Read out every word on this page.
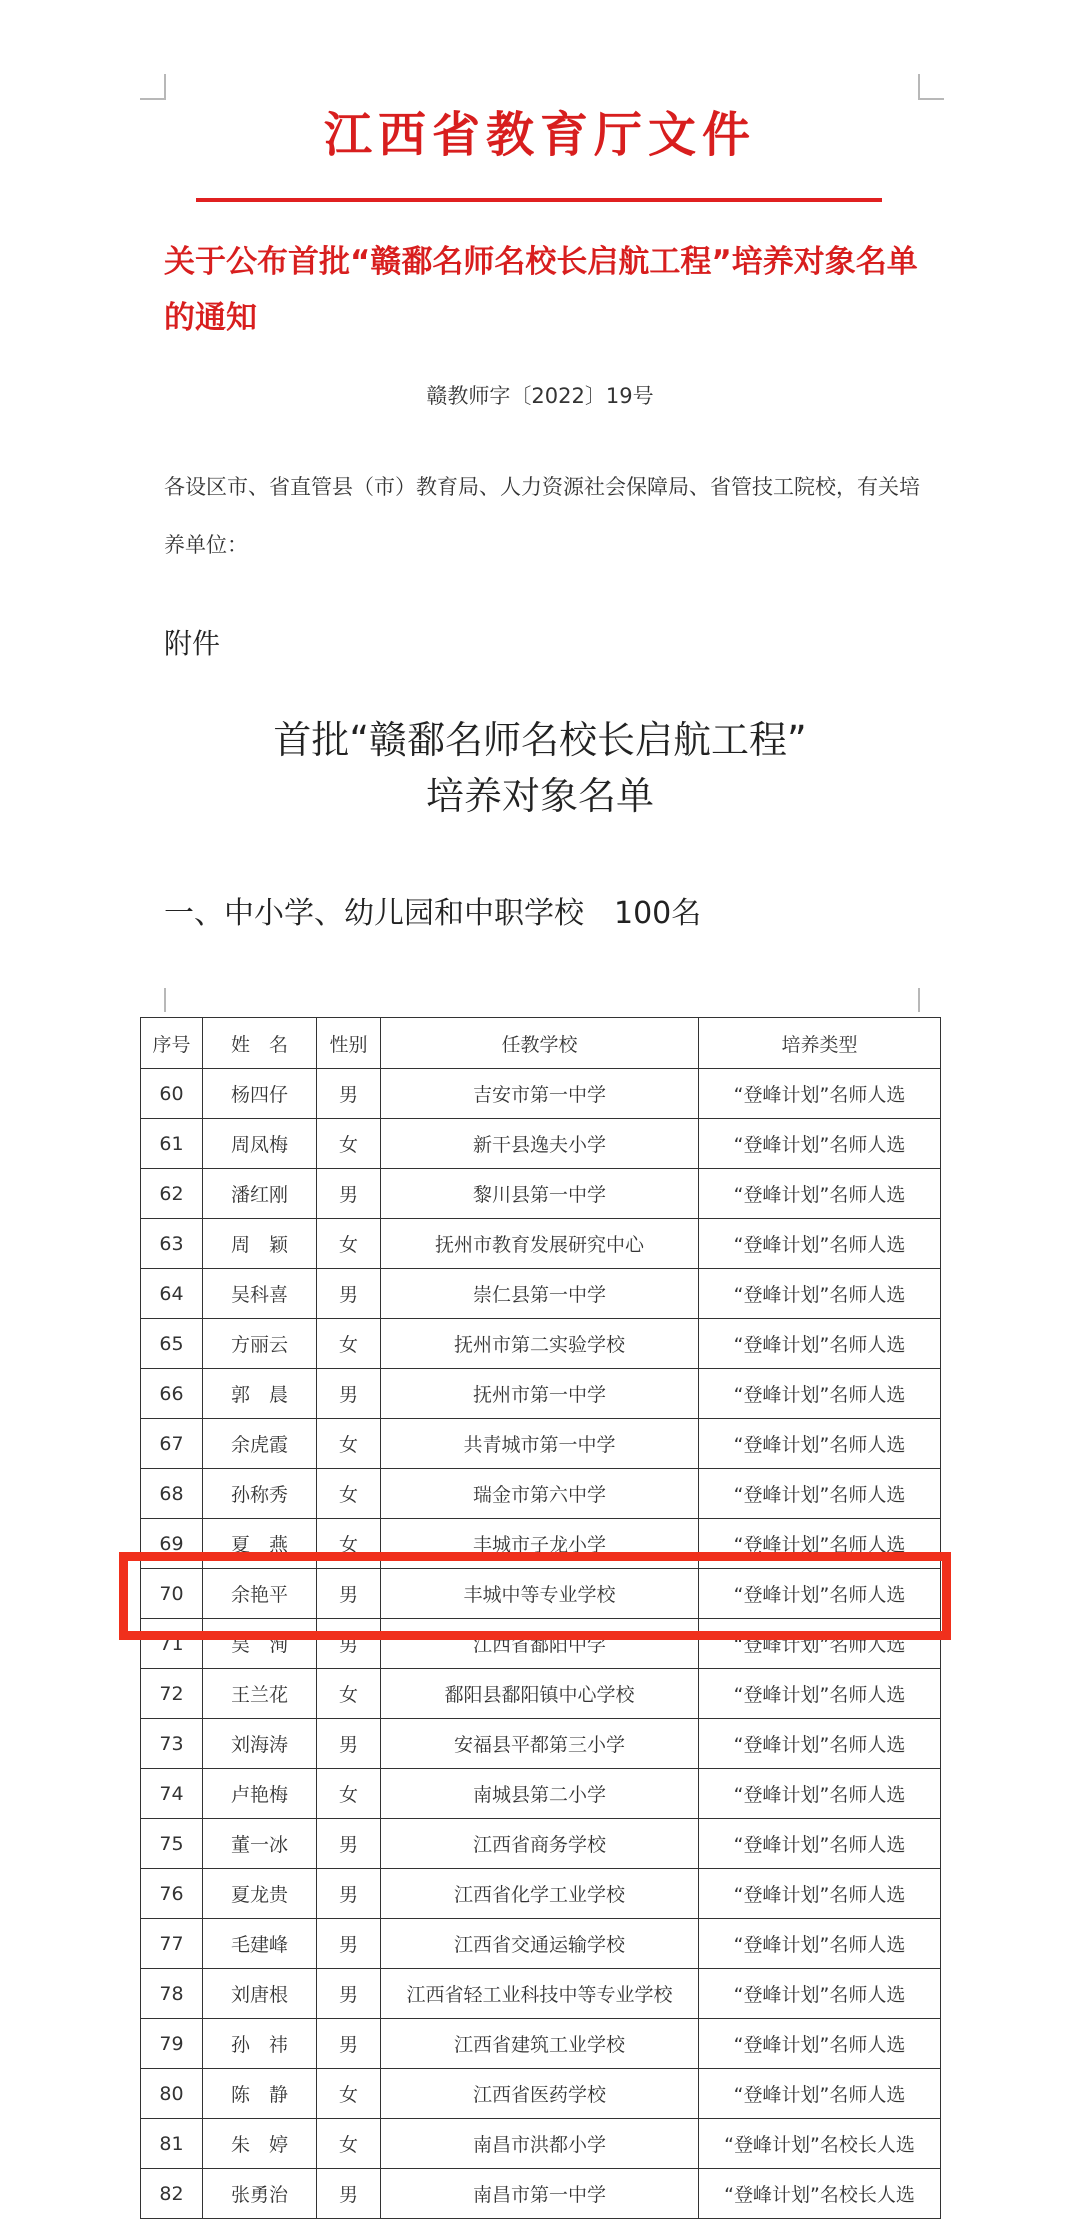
江西省教育厅文件
关于公布首批“赣鄱名师名校长启航工程”培养对象名单的通知
赣教师字〔2022〕19号
各设区市、省直管县（市）教育局、人力资源社会保障局、省管技工院校，有关培养单位：
附件
首批“赣鄱名师名校长启航工程”
培养对象名单
一、中小学、幼儿园和中职学校　100名
序号	姓　名	性别	任教学校	培养类型
60	杨四仔	男	吉安市第一中学	“登峰计划”名师人选
61	周凤梅	女	新干县逸夫小学	“登峰计划”名师人选
62	潘红刚	男	黎川县第一中学	“登峰计划”名师人选
63	周　颖	女	抚州市教育发展研究中心	“登峰计划”名师人选
64	吴科喜	男	崇仁县第一中学	“登峰计划”名师人选
65	方丽云	女	抚州市第二实验学校	“登峰计划”名师人选
66	郭　晨	男	抚州市第一中学	“登峰计划”名师人选
67	余虎霞	女	共青城市第一中学	“登峰计划”名师人选
68	孙称秀	女	瑞金市第六中学	“登峰计划”名师人选
69	夏　燕	女	丰城市子龙小学	“登峰计划”名师人选
70	余艳平	男	丰城中等专业学校	“登峰计划”名师人选
71	吴　洵	男	江西省鄱阳中学	“登峰计划”名师人选
72	王兰花	女	鄱阳县鄱阳镇中心学校	“登峰计划”名师人选
73	刘海涛	男	安福县平都第三小学	“登峰计划”名师人选
74	卢艳梅	女	南城县第二小学	“登峰计划”名师人选
75	董一冰	男	江西省商务学校	“登峰计划”名师人选
76	夏龙贵	男	江西省化学工业学校	“登峰计划”名师人选
77	毛建峰	男	江西省交通运输学校	“登峰计划”名师人选
78	刘唐根	男	江西省轻工业科技中等专业学校	“登峰计划”名师人选
79	孙　祎	男	江西省建筑工业学校	“登峰计划”名师人选
80	陈　静	女	江西省医药学校	“登峰计划”名师人选
81	朱　婷	女	南昌市洪都小学	“登峰计划”名校长人选
82	张勇治	男	南昌市第一中学	“登峰计划”名校长人选
